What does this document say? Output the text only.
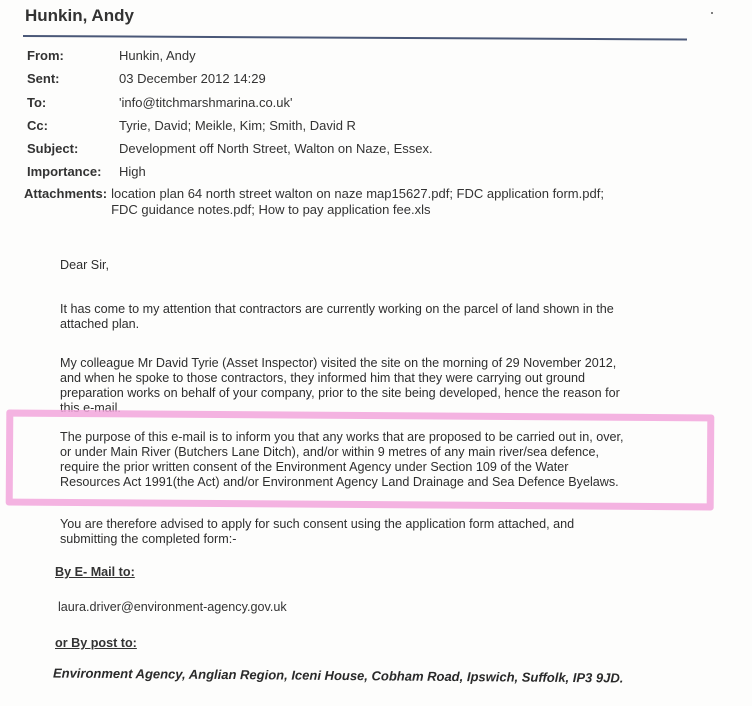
Hunkin, Andy
From:	Hunkin, Andy
Sent:	03 December 2012 14:29
To:	'info@titchmarshmarina.co.uk'
Cc:	Tyrie, David; Meikle, Kim; Smith, David R
Subject:	Development off North Street, Walton on Naze, Essex.
Importance:	High
Attachments: location plan 64 north street walton on naze map15627.pdf; FDC application form.pdf;
FDC guidance notes.pdf; How to pay application fee.xls
Dear Sir,
It has come to my attention that contractors are currently working on the parcel of land shown in the
attached plan.
My colleague Mr David Tyrie (Asset Inspector) visited the site on the morning of 29 November 2012,
and when he spoke to those contractors, they informed him that they were carrying out ground
preparation works on behalf of your company, prior to the site being developed, hence the reason for
this e-mail.
The purpose of this e-mail is to inform you that any works that are proposed to be carried out in, over,
or under Main River (Butchers Lane Ditch), and/or within 9 metres of any main river/sea defence,
require the prior written consent of the Environment Agency under Section 109 of the Water
Resources Act 1991(the Act) and/or Environment Agency Land Drainage and Sea Defence Byelaws.
You are therefore advised to apply for such consent using the application form attached, and
submitting the completed form:-
By E- Mail to:
laura.driver@environment-agency.gov.uk
or By post to:
Environment Agency, Anglian Region, Iceni House, Cobham Road, Ipswich, Suffolk, IP3 9JD.
